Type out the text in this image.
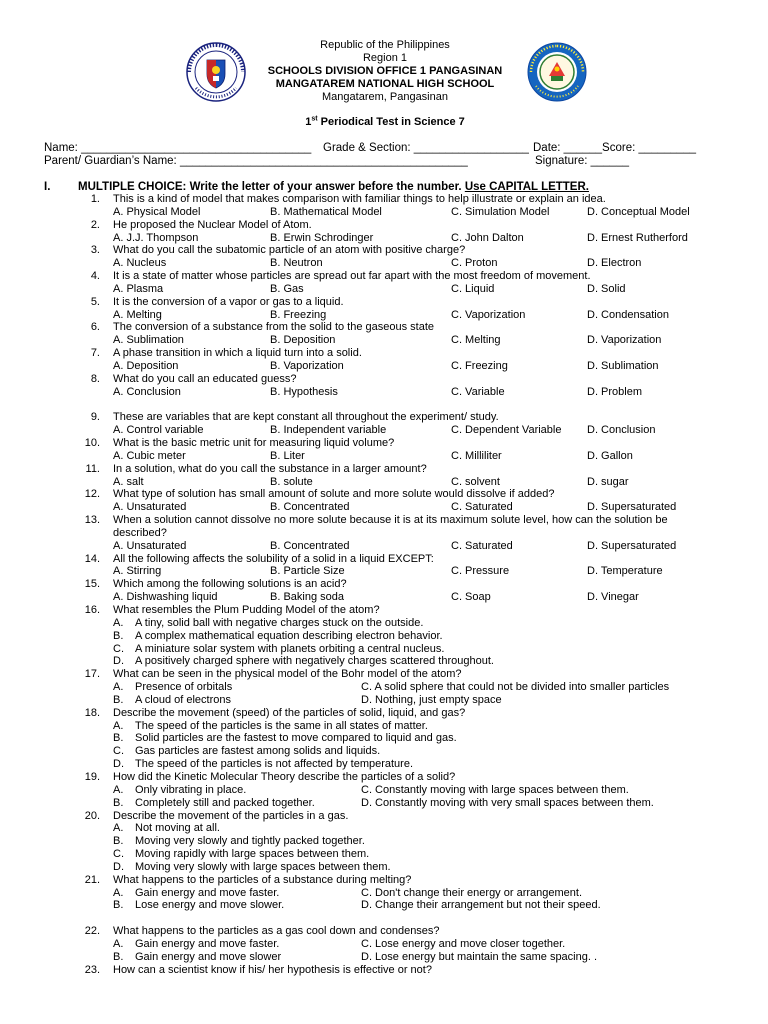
Republic of the Philippines
Region 1
SCHOOLS DIVISION OFFICE 1 PANGASINAN
MANGATAREM NATIONAL HIGH SCHOOL
Mangatarem, Pangasinan
1st Periodical Test in Science 7
Name: ____________________________________ Grade & Section: __________________ Date: ______Score: _________
Parent/ Guardian’s Name: _____________________________________________	Signature: ______
I. MULTIPLE CHOICE: Write the letter of your answer before the number. Use CAPITAL LETTER.
1. This is a kind of model that makes comparison with familiar things to help illustrate or explain an idea.
A. Physical Model	B. Mathematical Model	C. Simulation Model	D. Conceptual Model
2. He proposed the Nuclear Model of Atom.
A. J.J. Thompson	B. Erwin Schrodinger	C. John Dalton	D. Ernest Rutherford
3. What do you call the subatomic particle of an atom with positive charge?
A. Nucleus	B. Neutron	C. Proton	D. Electron
4. It is a state of matter whose particles are spread out far apart with the most freedom of movement.
A. Plasma	B. Gas	C. Liquid	D. Solid
5. It is the conversion of a vapor or gas to a liquid.
A. Melting	B. Freezing	C. Vaporization	D. Condensation
6. The conversion of a substance from the solid to the gaseous state
A. Sublimation	B. Deposition	C. Melting	D. Vaporization
7. A phase transition in which a liquid turn into a solid.
A. Deposition	B. Vaporization	C. Freezing	D. Sublimation
8. What do you call an educated guess?
A. Conclusion	B. Hypothesis	C. Variable	D. Problem
9. These are variables that are kept constant all throughout the experiment/ study.
A. Control variable	B. Independent variable	C. Dependent Variable D. Conclusion
10. What is the basic metric unit for measuring liquid volume?
A. Cubic meter	B. Liter	C. Milliliter	D. Gallon
11. In a solution, what do you call the substance in a larger amount?
A. salt	B. solute	C. solvent	D. sugar
12. What type of solution has small amount of solute and more solute would dissolve if added?
A. Unsaturated	B. Concentrated	C. Saturated	D. Supersaturated
13. When a solution cannot dissolve no more solute because it is at its maximum solute level, how can the solution be
described?
A. Unsaturated	B. Concentrated	C. Saturated	D. Supersaturated
14. All the following affects the solubility of a solid in a liquid EXCEPT:
A. Stirring	B. Particle Size	C. Pressure	D. Temperature
15. Which among the following solutions is an acid?
A. Dishwashing liquid	B. Baking soda	C. Soap	D. Vinegar
16. What resembles the Plum Pudding Model of the atom?
A. A tiny, solid ball with negative charges stuck on the outside.
B. A complex mathematical equation describing electron behavior.
C. A miniature solar system with planets orbiting a central nucleus.
D. A positively charged sphere with negatively charges scattered throughout.
17. What can be seen in the physical model of the Bohr model of the atom?
A. Presence of orbitals	C. A solid sphere that could not be divided into smaller particles
B. A cloud of electrons	D. Nothing, just empty space
18. Describe the movement (speed) of the particles of solid, liquid, and gas?
A. The speed of the particles is the same in all states of matter.
B. Solid particles are the fastest to move compared to liquid and gas.
C. Gas particles are fastest among solids and liquids.
D. The speed of the particles is not affected by temperature.
19. How did the Kinetic Molecular Theory describe the particles of a solid?
A. Only vibrating in place.	C. Constantly moving with large spaces between them.
B. Completely still and packed together.	D. Constantly moving with very small spaces between them.
20. Describe the movement of the particles in a gas.
A. Not moving at all.
B. Moving very slowly and tightly packed together.
C. Moving rapidly with large spaces between them.
D. Moving very slowly with large spaces between them.
21. What happens to the particles of a substance during melting?
A. Gain energy and move faster.	C. Don't change their energy or arrangement.
B. Lose energy and move slower.	D. Change their arrangement but not their speed.
22. What happens to the particles as a gas cool down and condenses?
A. Gain energy and move faster.	C. Lose energy and move closer together.
B. Gain energy and move slower	D. Lose energy but maintain the same spacing. .
23. How can a scientist know if his/ her hypothesis is effective or not?
